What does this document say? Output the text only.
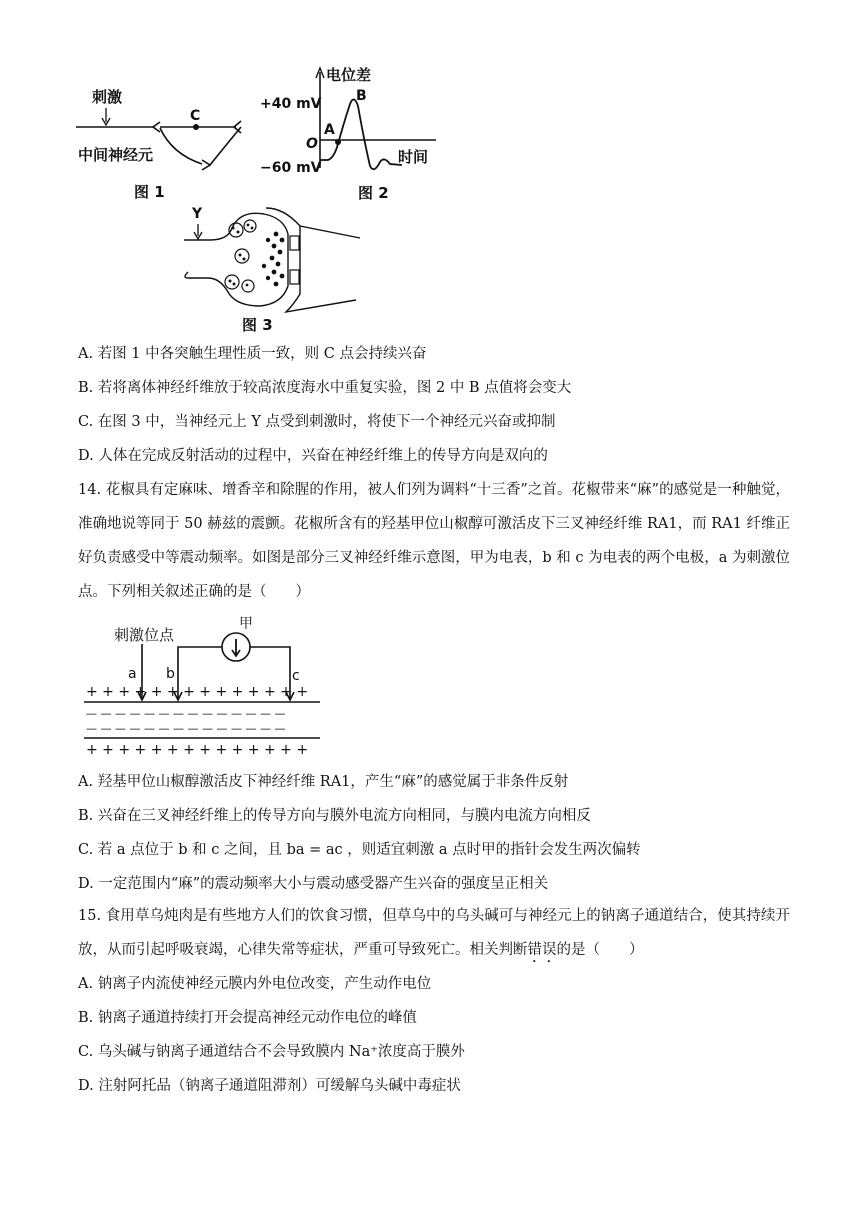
刺激
C
中间神经元
图 1
电位差
+40 mV
O
−60 mV
时间
A
B
图 2
Y
图 3
A. 若图 1 中各突触生理性质一致，则 C 点会持续兴奋
B. 若将离体神经纤维放于较高浓度海水中重复实验，图 2 中 B 点值将会变大
C. 在图 3 中，当神经元上 Y 点受到刺激时，将使下一个神经元兴奋或抑制
D. 人体在完成反射活动的过程中，兴奋在神经纤维上的传导方向是双向的
14. 花椒具有定麻味、增香辛和除腥的作用，被人们列为调料“十三香”之首。花椒带来“麻”的感觉是一种触觉，准确地说等同于 50 赫兹的震颤。花椒所含有的羟基甲位山椒醇可激活皮下三叉神经纤维 RA1，而 RA1 纤维正好负责感受中等震动频率。如图是部分三叉神经纤维示意图，甲为电表，b 和 c 为电表的两个电极，a 为刺激位点。下列相关叙述正确的是（　　）
刺激位点
甲
a b	c
+ + + + + + + + + + + + + +
— — — — — — — — — — — — — —
— — — — — — — — — — — — — —
+ + + + + + + + + + + + + +
A. 羟基甲位山椒醇激活皮下神经纤维 RA1，产生“麻”的感觉属于非条件反射
B. 兴奋在三叉神经纤维上的传导方向与膜外电流方向相同，与膜内电流方向相反
C. 若 a 点位于 b 和 c 之间，且 ba = ac ，则适宜刺激 a 点时甲的指针会发生两次偏转
D. 一定范围内“麻”的震动频率大小与震动感受器产生兴奋的强度呈正相关
15. 食用草乌炖肉是有些地方人们的饮食习惯，但草乌中的乌头碱可与神经元上的钠离子通道结合，使其持续开放，从而引起呼吸衰竭，心律失常等症状，严重可导致死亡。相关判断错误的是（　　）
A. 钠离子内流使神经元膜内外电位改变，产生动作电位
B. 钠离子通道持续打开会提高神经元动作电位的峰值
C. 乌头碱与钠离子通道结合不会导致膜内 Na⁺浓度高于膜外
D. 注射阿托品（钠离子通道阻滞剂）可缓解乌头碱中毒症状
